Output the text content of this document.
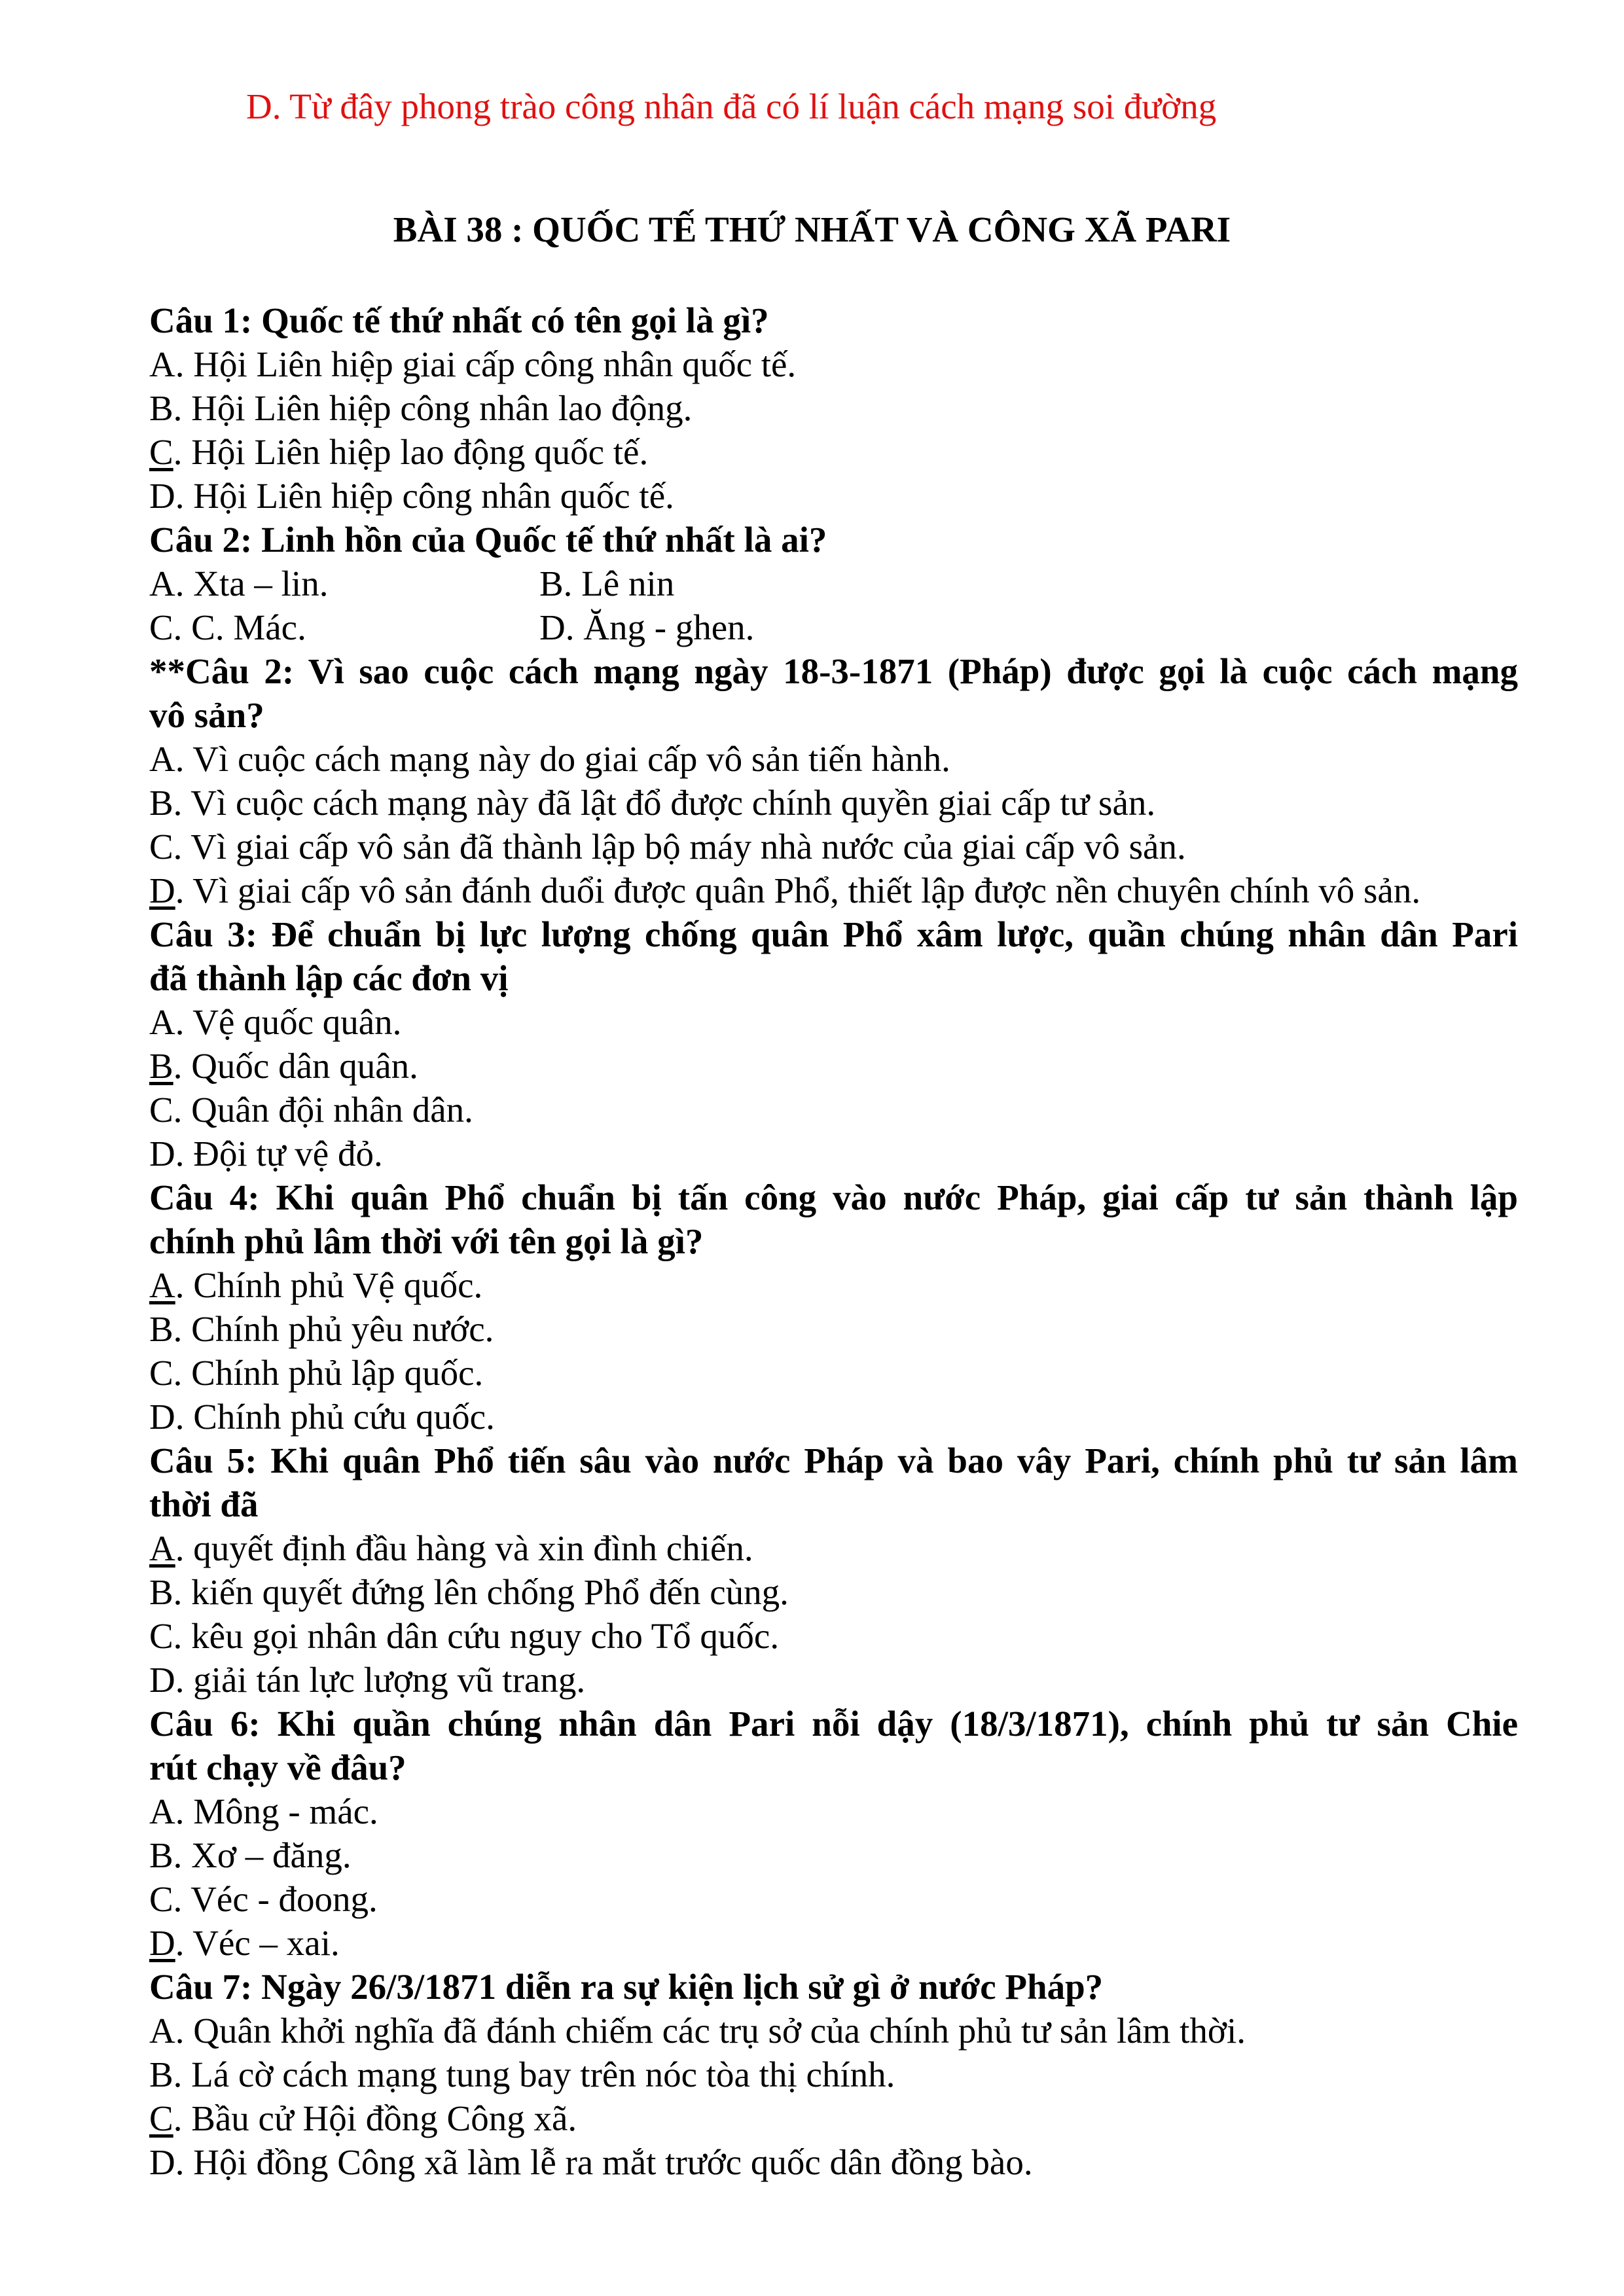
D. Từ đây phong trào công nhân đã có lí luận cách mạng soi đường
BÀI 38 : QUỐC TẾ THỨ NHẤT VÀ CÔNG XÃ PARI
Câu 1: Quốc tế thứ nhất có tên gọi là gì?
A. Hội Liên hiệp giai cấp công nhân quốc tế.
B. Hội Liên hiệp công nhân lao động.
C. Hội Liên hiệp lao động quốc tế.
D. Hội Liên hiệp công nhân quốc tế.
Câu 2: Linh hồn của Quốc tế thứ nhất là ai?
A. Xta – lin.	B. Lê nin
C. C. Mác.	D. Ăng - ghen.
**Câu 2: Vì sao cuộc cách mạng ngày 18-3-1871 (Pháp) được gọi là cuộc cách mạng
vô sản?
A. Vì cuộc cách mạng này do giai cấp vô sản tiến hành.
B. Vì cuộc cách mạng này đã lật đổ được chính quyền giai cấp tư sản.
C. Vì giai cấp vô sản đã thành lập bộ máy nhà nước của giai cấp vô sản.
D. Vì giai cấp vô sản đánh duổi được quân Phổ, thiết lập được nền chuyên chính vô sản.
Câu 3: Để chuẩn bị lực lượng chống quân Phổ xâm lược, quần chúng nhân dân Pari
đã thành lập các đơn vị
A. Vệ quốc quân.
B. Quốc dân quân.
C. Quân đội nhân dân.
D. Đội tự vệ đỏ.
Câu 4: Khi quân Phổ chuẩn bị tấn công vào nước Pháp, giai cấp tư sản thành lập
chính phủ lâm thời với tên gọi là gì?
A. Chính phủ Vệ quốc.
B. Chính phủ yêu nước.
C. Chính phủ lập quốc.
D. Chính phủ cứu quốc.
Câu 5: Khi quân Phổ tiến sâu vào nước Pháp và bao vây Pari, chính phủ tư sản lâm
thời đã
A. quyết định đầu hàng và xin đình chiến.
B. kiến quyết đứng lên chống Phổ đến cùng.
C. kêu gọi nhân dân cứu nguy cho Tổ quốc.
D. giải tán lực lượng vũ trang.
Câu 6: Khi quần chúng nhân dân Pari nỗi dậy (18/3/1871), chính phủ tư sản Chie
rút chạy về đâu?
A. Mông - mác.
B. Xơ – đăng.
C. Véc - đoong.
D. Véc – xai.
Câu 7: Ngày 26/3/1871 diễn ra sự kiện lịch sử gì ở nước Pháp?
A. Quân khởi nghĩa đã đánh chiếm các trụ sở của chính phủ tư sản lâm thời.
B. Lá cờ cách mạng tung bay trên nóc tòa thị chính.
C. Bầu cử Hội đồng Công xã.
D. Hội đồng Công xã làm lễ ra mắt trước quốc dân đồng bào.
